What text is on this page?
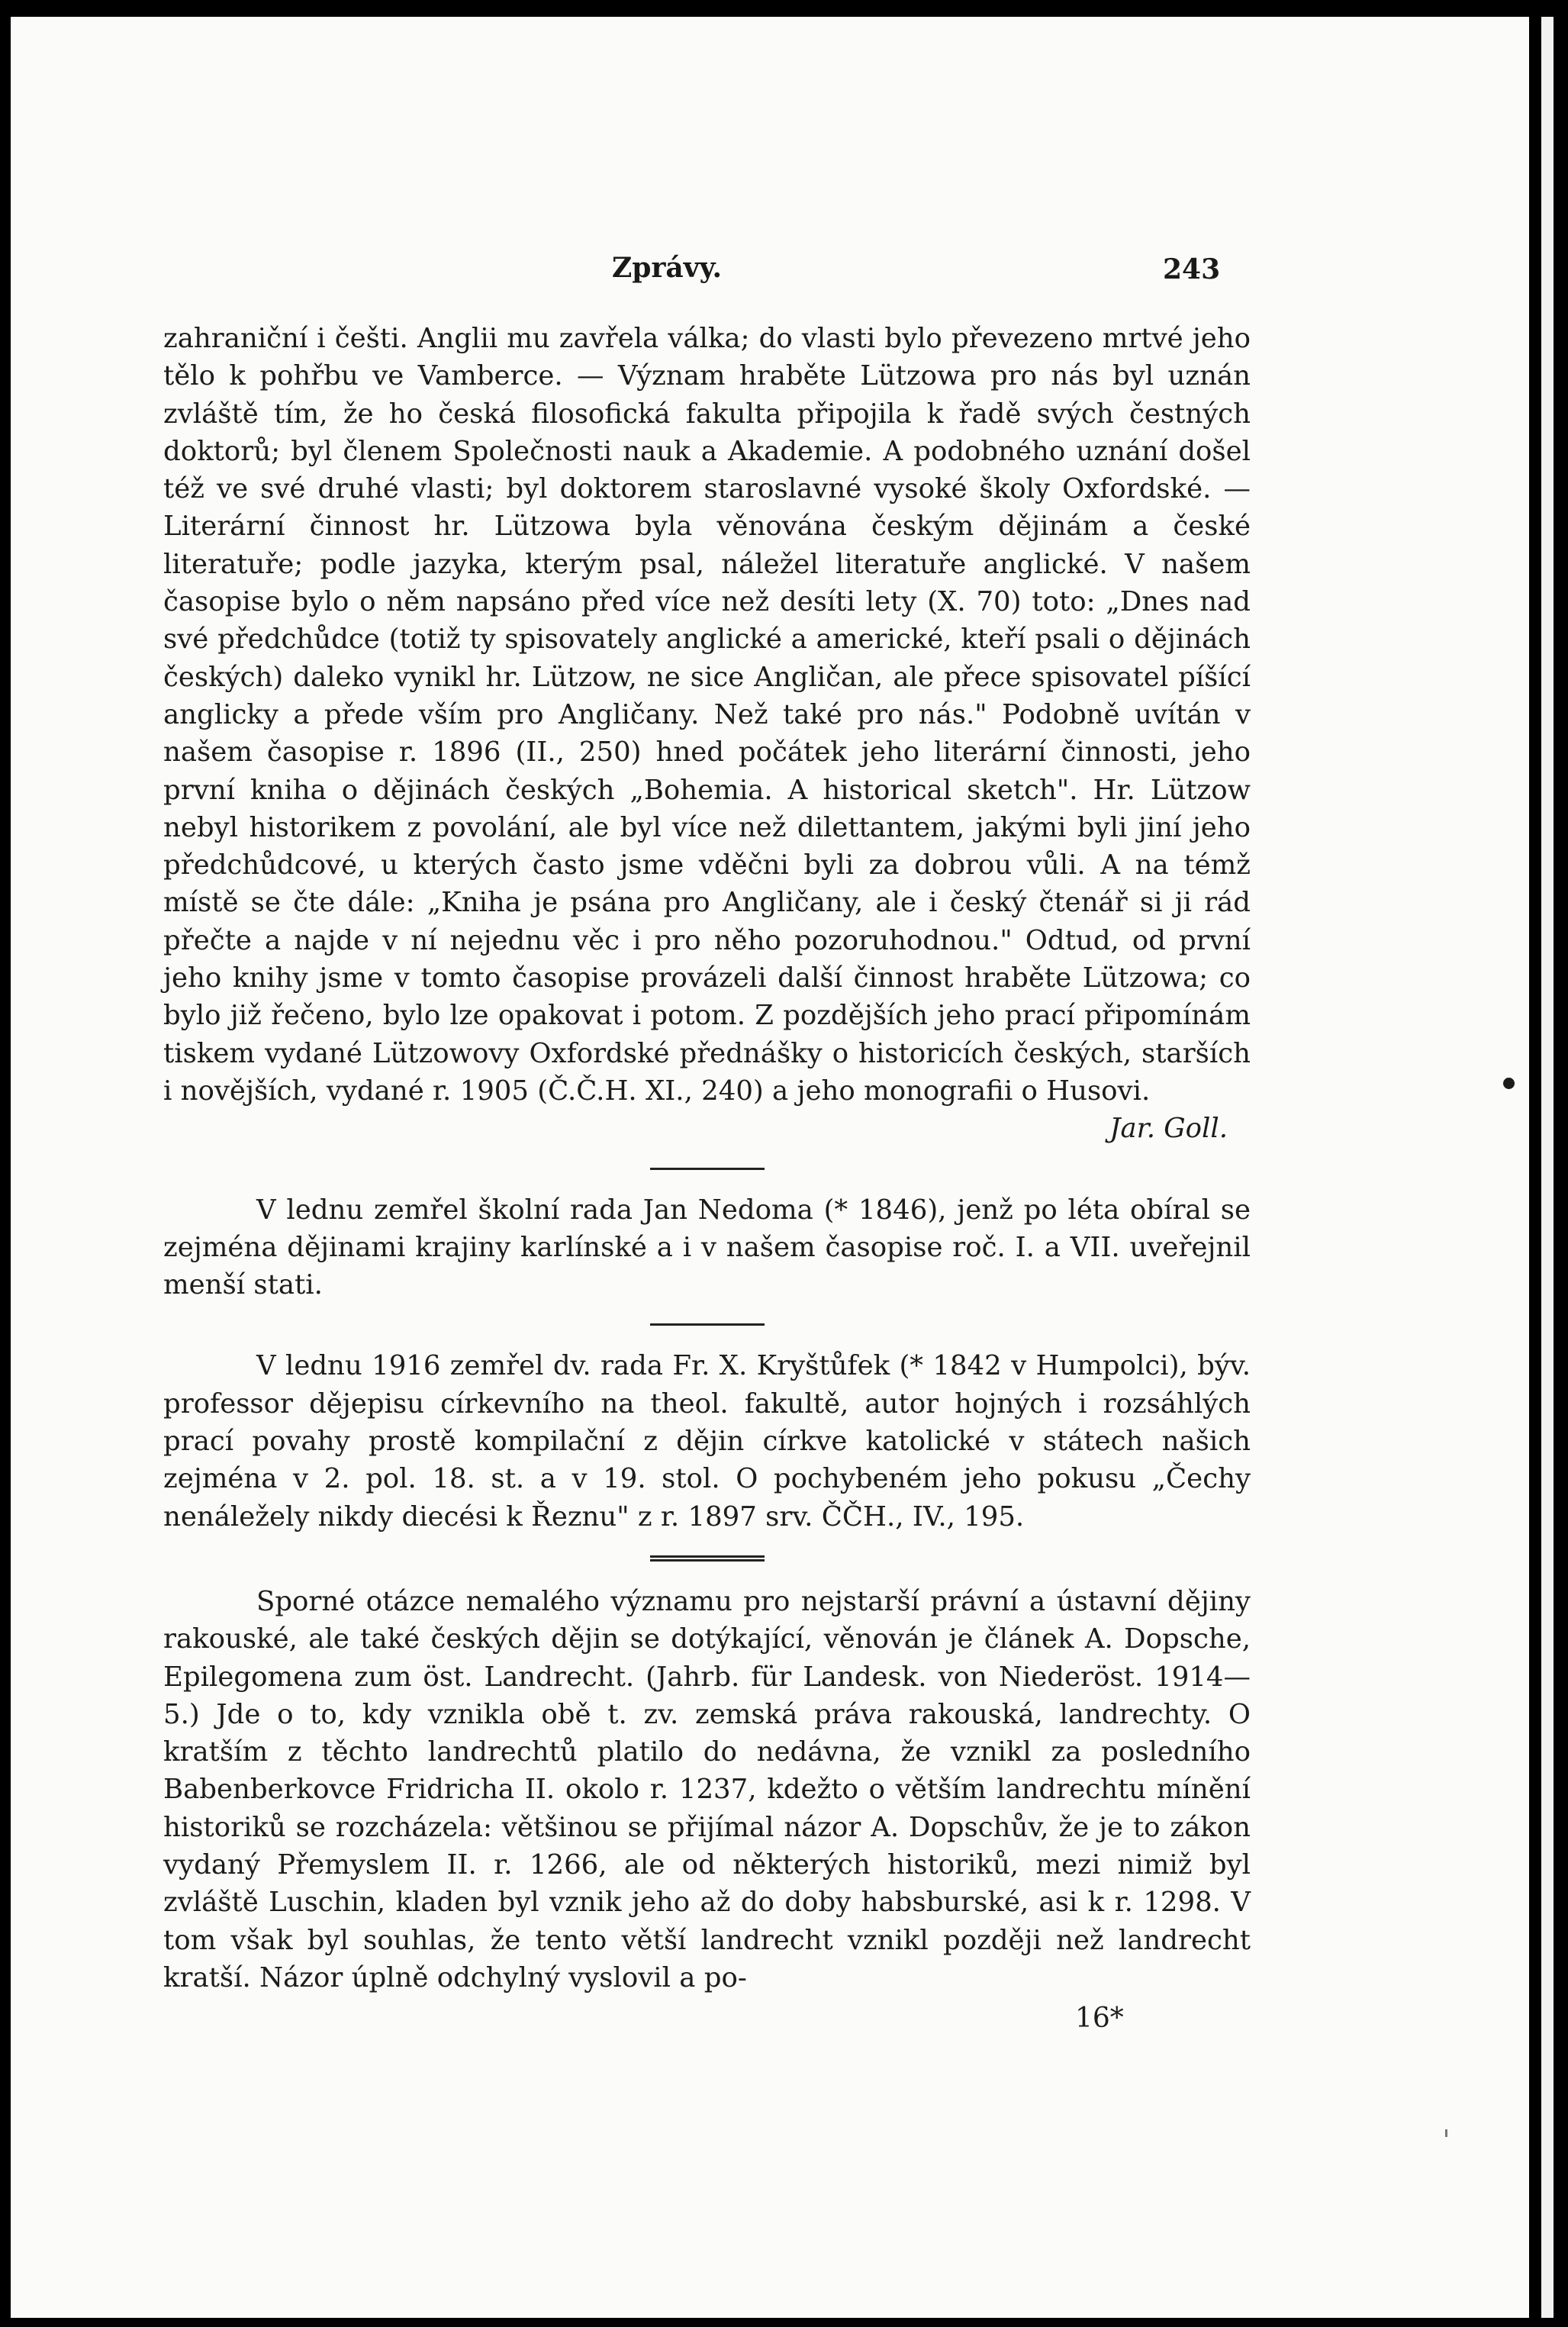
Zprávy.	243

zahraniční i češti. Anglii mu zavřela válka; do vlasti bylo převezeno mrtvé jeho tělo k pohřbu ve Vamberce. — Význam hraběte Lützowa pro nás byl uznán zvláště tím, že ho česká filosofická fakulta připojila k řadě svých čestných doktorů; byl členem Společnosti nauk a Akademie. A podobného uznání došel též ve své druhé vlasti; byl doktorem staroslavné vysoké školy Oxfordské. — Literární činnost hr. Lützowa byla věnována českým dějinám a české literatuře; podle jazyka, kterým psal, náležel literatuře anglické. V našem časopise bylo o něm napsáno před více než desíti lety (X. 70) toto: „Dnes nad své předchůdce (totiž ty spisovately anglické a americké, kteří psali o dějinách českých) daleko vynikl hr. Lützow, ne sice Angličan, ale přece spisovatel píšící anglicky a přede vším pro Angličany. Než také pro nás." Podobně uvítán v našem časopise r. 1896 (II., 250) hned počátek jeho literární činnosti, jeho první kniha o dějinách českých „Bohemia. A historical sketch". Hr. Lützow nebyl historikem z povolání, ale byl více než dilettantem, jakými byli jiní jeho předchůdcové, u kterých často jsme vděčni byli za dobrou vůli. A na témž místě se čte dále: „Kniha je psána pro Angličany, ale i český čtenář si ji rád přečte a najde v ní nejednu věc i pro něho pozoruhodnou." Odtud, od první jeho knihy jsme v tomto časopise provázeli další činnost hraběte Lützowa; co bylo již řečeno, bylo lze opakovat i potom. Z pozdějších jeho prací připomínám tiskem vydané Lützowovy Oxfordské přednášky o historicích českých, starších i novějších, vydané r. 1905 (Č.Č.H. XI., 240) a jeho monografii o Husovi.

Jar. Goll.

V lednu zemřel školní rada Jan Nedoma (* 1846), jenž po léta obíral se zejména dějinami krajiny karlínské a i v našem časopise roč. I. a VII. uveřejnil menší stati.

V lednu 1916 zemřel dv. rada Fr. X. Kryštůfek (* 1842 v Humpolci), býv. professor dějepisu církevního na theol. fakultě, autor hojných i rozsáhlých prací povahy prostě kompilační z dějin církve katolické v státech našich zejména v 2. pol. 18. st. a v 19. stol. O pochybeném jeho pokusu „Čechy nenáležely nikdy diecési k Řeznu" z r. 1897 srv. ČČH., IV., 195.

Sporné otázce nemalého významu pro nejstarší právní a ústavní dějiny rakouské, ale také českých dějin se dotýkající, věnován je článek A. Dopsche, Epilegomena zum öst. Landrecht. (Jahrb. für Landesk. von Niederöst. 1914—5.) Jde o to, kdy vznikla obě t. zv. zemská práva rakouská, landrechty. O kratším z těchto landrechtů platilo do nedávna, že vznikl za posledního Babenberkovce Fridricha II. okolo r. 1237, kdežto o větším landrechtu mínění historiků se rozcházela: většinou se přijímal názor A. Dopschův, že je to zákon vydaný Přemyslem II. r. 1266, ale od některých historiků, mezi nimiž byl zvláště Luschin, kladen byl vznik jeho až do doby habsburské, asi k r. 1298. V tom však byl souhlas, že tento větší landrecht vznikl později než landrecht kratší. Názor úplně odchylný vyslovil a po-

16*
